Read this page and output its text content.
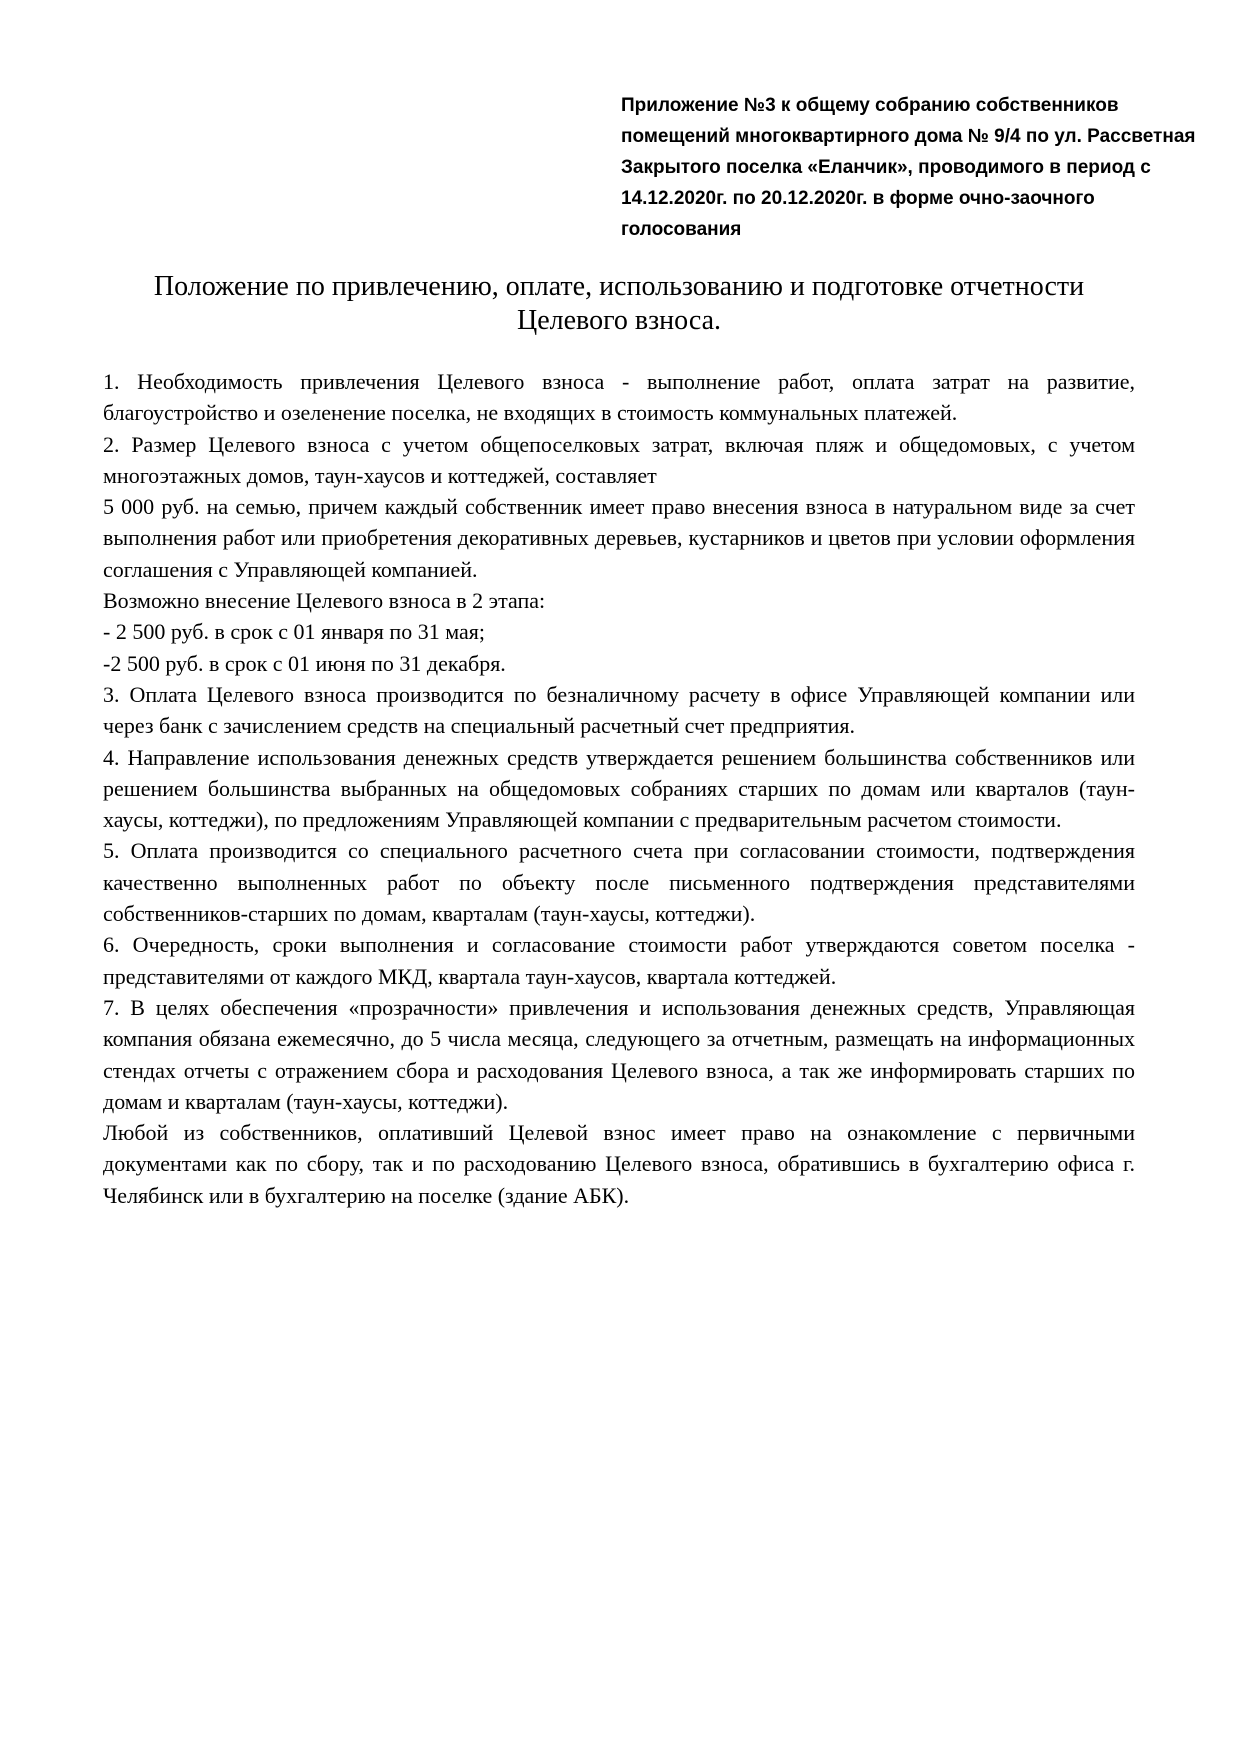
Приложение №3 к общему собранию собственников
помещений многоквартирного дома № 9/4 по ул. Рассветная
Закрытого поселка «Еланчик», проводимого в период с
14.12.2020г. по 20.12.2020г. в форме очно-заочного
голосования
Положение по привлечению, оплате, использованию и подготовке отчетности
Целевого взноса.

1. Необходимость привлечения Целевого взноса - выполнение работ, оплата затрат на развитие, благоустройство и озеленение поселка, не входящих в стоимость коммунальных платежей.

2. Размер Целевого взноса с учетом общепоселковых затрат, включая пляж и общедомовых, с учетом многоэтажных домов, таун-хаусов и коттеджей, составляет

5 000 руб. на семью, причем каждый собственник имеет право внесения взноса в натуральном виде за счет выполнения работ или приобретения декоративных деревьев, кустарников и цветов при условии оформления соглашения с Управляющей компанией.

Возможно внесение Целевого взноса в 2 этапа:

- 2 500 руб. в срок с 01 января по 31 мая;

-2 500 руб. в срок с 01 июня по 31 декабря.

3. Оплата Целевого взноса производится по безналичному расчету в офисе Управляющей компании или через банк с зачислением средств на специальный расчетный счет предприятия.

4. Направление использования денежных средств утверждается решением большинства собственников или решением большинства выбранных на общедомовых собраниях старших по домам или кварталов (таун-хаусы, коттеджи), по предложениям Управляющей компании с предварительным расчетом стоимости.

5. Оплата производится со специального расчетного счета при согласовании стоимости, подтверждения качественно выполненных работ по объекту после письменного подтверждения представителями собственников-старших по домам, кварталам (таун-хаусы, коттеджи).

6. Очередность, сроки выполнения и согласование стоимости работ утверждаются советом поселка - представителями от каждого МКД, квартала таун-хаусов, квартала коттеджей.

7. В целях обеспечения «прозрачности» привлечения и использования денежных средств, Управляющая компания обязана ежемесячно, до 5 числа месяца, следующего за отчетным, размещать на информационных стендах отчеты с отражением сбора и расходования Целевого взноса, а так же информировать старших по домам и кварталам (таун-хаусы, коттеджи).

Любой из собственников, оплативший Целевой взнос имеет право на ознакомление с первичными документами как по сбору, так и по расходованию Целевого взноса, обратившись в бухгалтерию офиса г. Челябинск или в бухгалтерию на поселке (здание АБК).
